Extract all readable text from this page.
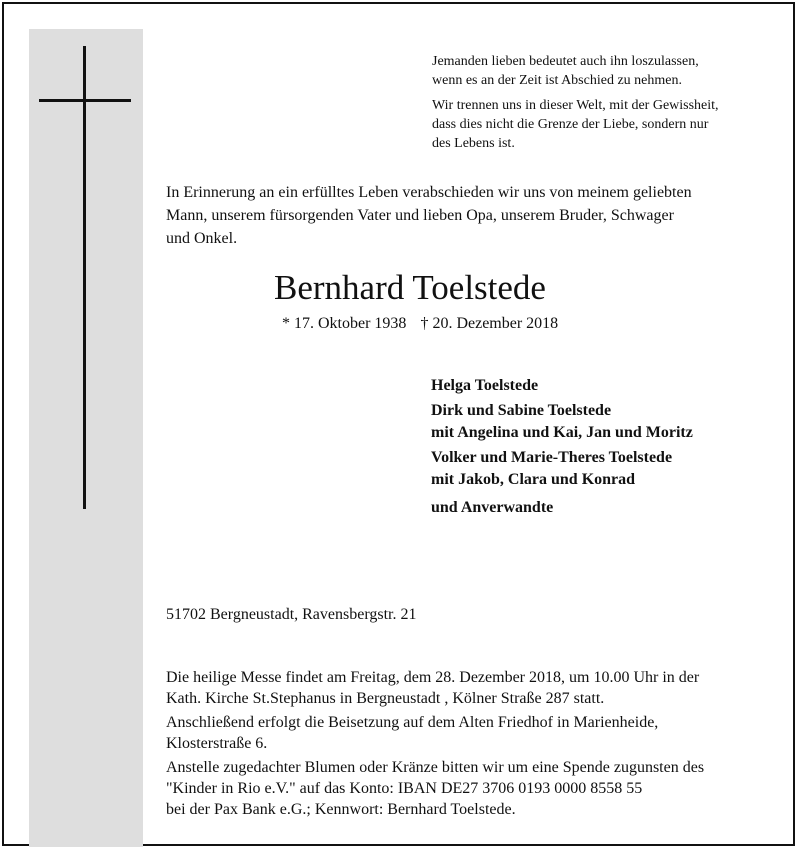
Jemanden lieben bedeutet auch ihn loszulassen,
wenn es an der Zeit ist Abschied zu nehmen.

Wir trennen uns in dieser Welt, mit der Gewissheit,
dass dies nicht die Grenze der Liebe, sondern nur
des Lebens ist.

In Erinnerung an ein erfülltes Leben verabschieden wir uns von meinem geliebten
Mann, unserem fürsorgenden Vater und lieben Opa, unserem Bruder, Schwager
und Onkel.
Bernhard Toelstede
* 17. Oktober 1938 † 20. Dezember 2018
Helga Toelstede
Dirk und Sabine Toelstede
mit Angelina und Kai, Jan und Moritz
Volker und Marie-Theres Toelstede
mit Jakob, Clara und Konrad
und Anverwandte
51702 Bergneustadt, Ravensbergstr. 21

Die heilige Messe findet am Freitag, dem 28. Dezember 2018, um 10.00 Uhr in der
Kath. Kirche St.Stephanus in Bergneustadt , Kölner Straße 287 statt.

Anschließend erfolgt die Beisetzung auf dem Alten Friedhof in Marienheide,
Klosterstraße 6.

Anstelle zugedachter Blumen oder Kränze bitten wir um eine Spende zugunsten des
"Kinder in Rio e.V." auf das Konto: IBAN DE27 3706 0193 0000 8558 55
bei der Pax Bank e.G.; Kennwort: Bernhard Toelstede.
